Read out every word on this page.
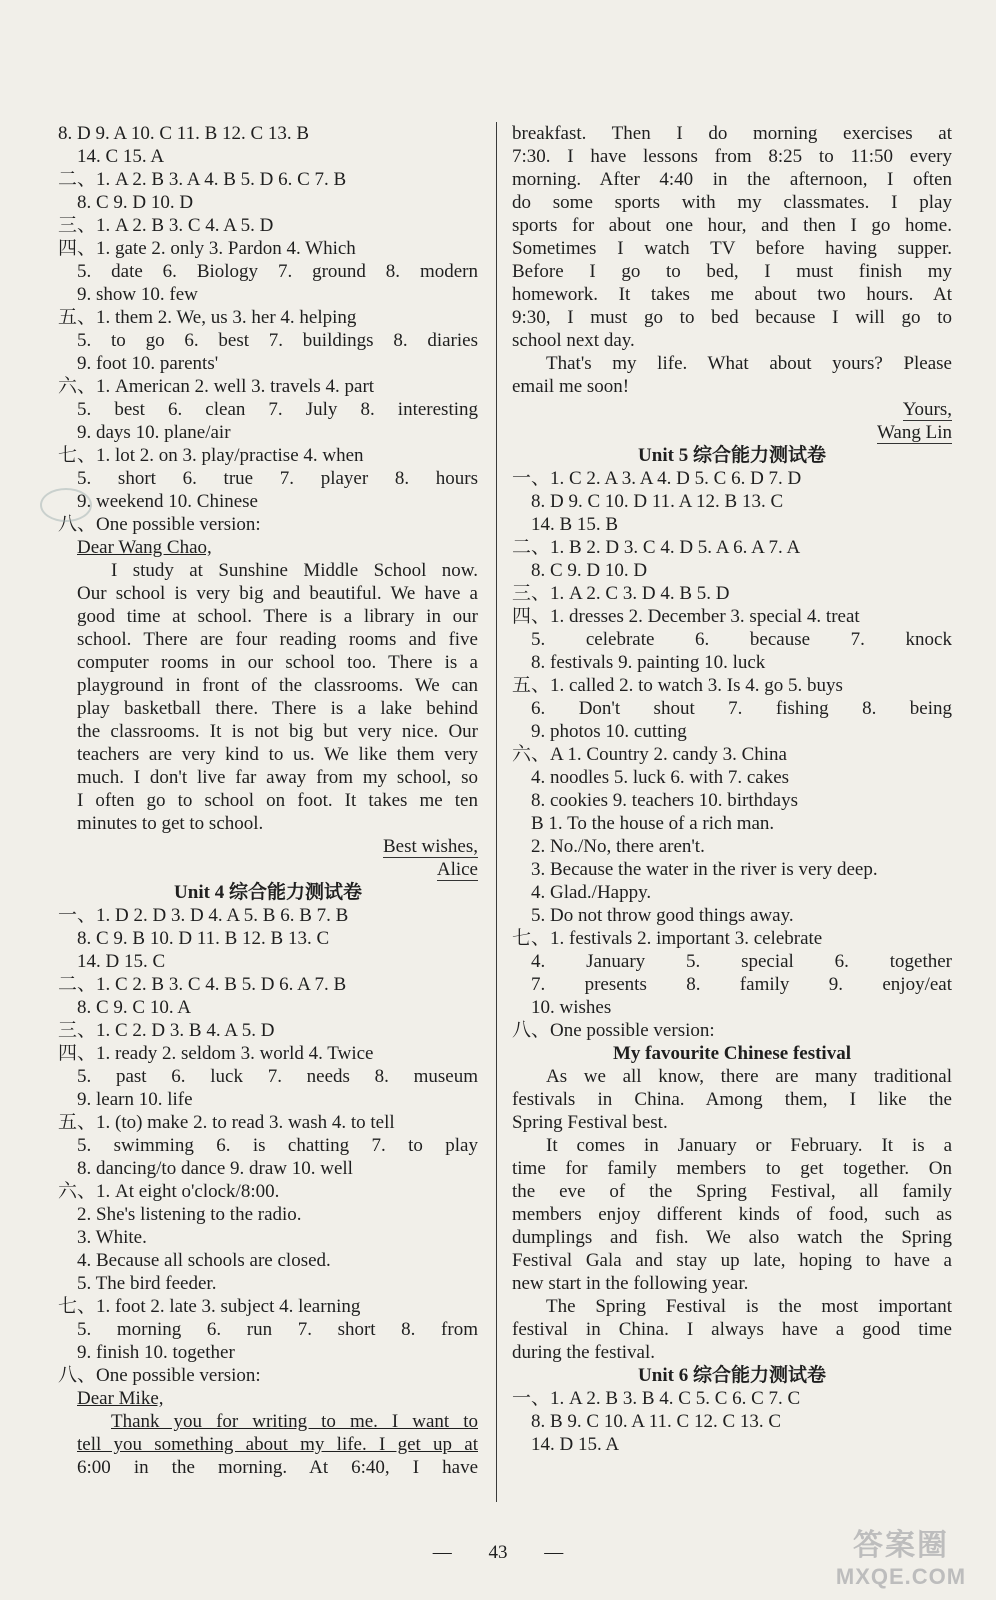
8. D 9. A 10. C 11. B 12. C 13. B
14. C 15. A
二、1. A 2. B 3. A 4. B 5. D 6. C 7. B
8. C 9. D 10. D
三、1. A 2. B 3. C 4. A 5. D
四、1. gate 2. only 3. Pardon 4. Which
5. date 6. Biology 7. ground 8. modern
9. show 10. few
五、1. them 2. We, us 3. her 4. helping
5. to go 6. best 7. buildings 8. diaries
9. foot 10. parents'
六、1. American 2. well 3. travels 4. part
5. best 6. clean 7. July 8. interesting
9. days 10. plane/air
七、1. lot 2. on 3. play/practise 4. when
5. short 6. true 7. player 8. hours
9. weekend 10. Chinese
八、One possible version:
Dear Wang Chao,
I study at Sunshine Middle School now.
Our school is very big and beautiful. We have a
good time at school. There is a library in our
school. There are four reading rooms and five
computer rooms in our school too. There is a
playground in front of the classrooms. We can
play basketball there. There is a lake behind
the classrooms. It is not big but very nice. Our
teachers are very kind to us. We like them very
much. I don't live far away from my school, so
I often go to school on foot. It takes me ten
minutes to get to school.
Best wishes,
Alice
Unit 4 综合能力测试卷
一、1. D 2. D 3. D 4. A 5. B 6. B 7. B
8. C 9. B 10. D 11. B 12. B 13. C
14. D 15. C
二、1. C 2. B 3. C 4. B 5. D 6. A 7. B
8. C 9. C 10. A
三、1. C 2. D 3. B 4. A 5. D
四、1. ready 2. seldom 3. world 4. Twice
5. past 6. luck 7. needs 8. museum
9. learn 10. life
五、1. (to) make 2. to read 3. wash 4. to tell
5. swimming 6. is chatting 7. to play
8. dancing/to dance 9. draw 10. well
六、1. At eight o'clock/8:00.
2. She's listening to the radio.
3. White.
4. Because all schools are closed.
5. The bird feeder.
七、1. foot 2. late 3. subject 4. learning
5. morning 6. run 7. short 8. from
9. finish 10. together
八、One possible version:
Dear Mike,
Thank you for writing to me. I want to
tell you something about my life. I get up at
6:00 in the morning. At 6:40, I have
breakfast. Then I do morning exercises at
7:30. I have lessons from 8:25 to 11:50 every
morning. After 4:40 in the afternoon, I often
do some sports with my classmates. I play
sports for about one hour, and then I go home.
Sometimes I watch TV before having supper.
Before I go to bed, I must finish my
homework. It takes me about two hours. At
9:30, I must go to bed because I will go to
school next day.
That's my life. What about yours? Please
email me soon!
Yours,
Wang Lin
Unit 5 综合能力测试卷
一、1. C 2. A 3. A 4. D 5. C 6. D 7. D
8. D 9. C 10. D 11. A 12. B 13. C
14. B 15. B
二、1. B 2. D 3. C 4. D 5. A 6. A 7. A
8. C 9. D 10. D
三、1. A 2. C 3. D 4. B 5. D
四、1. dresses 2. December 3. special 4. treat
5. celebrate 6. because 7. knock
8. festivals 9. painting 10. luck
五、1. called 2. to watch 3. Is 4. go 5. buys
6. Don't shout 7. fishing 8. being
9. photos 10. cutting
六、A 1. Country 2. candy 3. China
4. noodles 5. luck 6. with 7. cakes
8. cookies 9. teachers 10. birthdays
B 1. To the house of a rich man.
2. No./No, there aren't.
3. Because the water in the river is very deep.
4. Glad./Happy.
5. Do not throw good things away.
七、1. festivals 2. important 3. celebrate
4. January 5. special 6. together
7. presents 8. family 9. enjoy/eat
10. wishes
八、One possible version:
My favourite Chinese festival
As we all know, there are many traditional
festivals in China. Among them, I like the
Spring Festival best.
It comes in January or February. It is a
time for family members to get together. On
the eve of the Spring Festival, all family
members enjoy different kinds of food, such as
dumplings and fish. We also watch the Spring
Festival Gala and stay up late, hoping to have a
new start in the following year.
The Spring Festival is the most important
festival in China. I always have a good time
during the festival.
Unit 6 综合能力测试卷
一、1. A 2. B 3. B 4. C 5. C 6. C 7. C
8. B 9. C 10. A 11. C 12. C 13. C
14. D 15. A
— 43 —	答案圈
MXQE.COM
